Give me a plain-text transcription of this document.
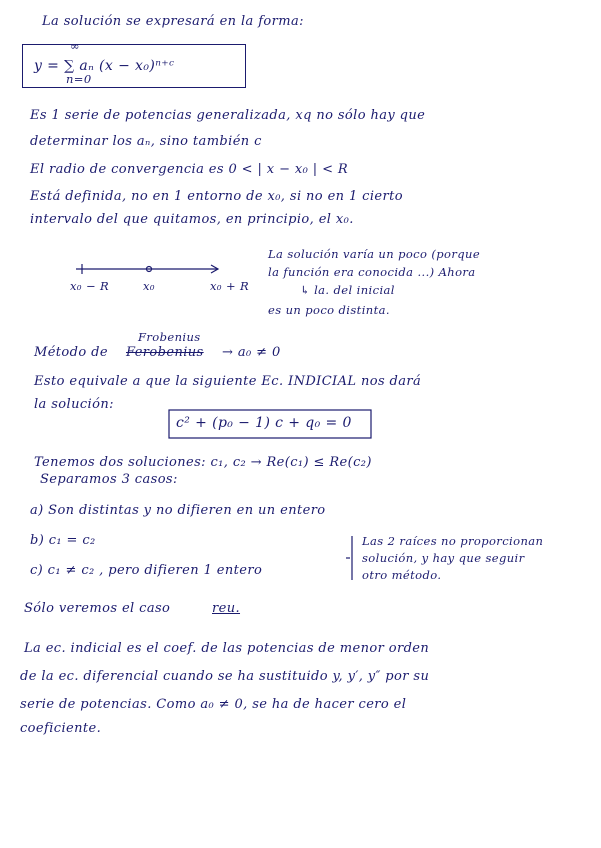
La solución se expresará en la forma:
y = ∑ aₙ (x − x₀)ⁿ⁺ᶜ
∞
n=0
Es 1 serie de potencias generalizada, xq no sólo hay que
determinar los aₙ, sino también c
El radio de convergencia es 0 < | x − x₀ | < R
Está definida, no en 1 entorno de x₀, si no en 1 cierto
intervalo del que quitamos, en principio, el x₀.
x₀ − R	x₀	x₀ + R
La solución varía un poco (porque
la función era conocida ...) Ahora
↳ la. del inicial
es un poco distinta.
Frobenius
Método de Ferobenius → a₀ ≠ 0
Esto equivale a que la siguiente Ec. INDICIAL nos dará
la solución:
c² + (p₀ − 1) c + q₀ = 0
Tenemos dos soluciones: c₁, c₂ → Re(c₁) ≤ Re(c₂)
Separamos 3 casos:
a) Son distintas y no difieren en un entero
b) c₁ = c₂
c) c₁ ≠ c₂ , pero difieren 1 entero
Las 2 raíces no proporcionan
solución, y hay que seguir
otro método.
Sólo veremos el caso	reu.
La ec. indicial es el coef. de las potencias de menor orden
de la ec. diferencial cuando se ha sustituido y, y′, y″ por su
serie de potencias. Como a₀ ≠ 0, se ha de hacer cero el
coeficiente.
